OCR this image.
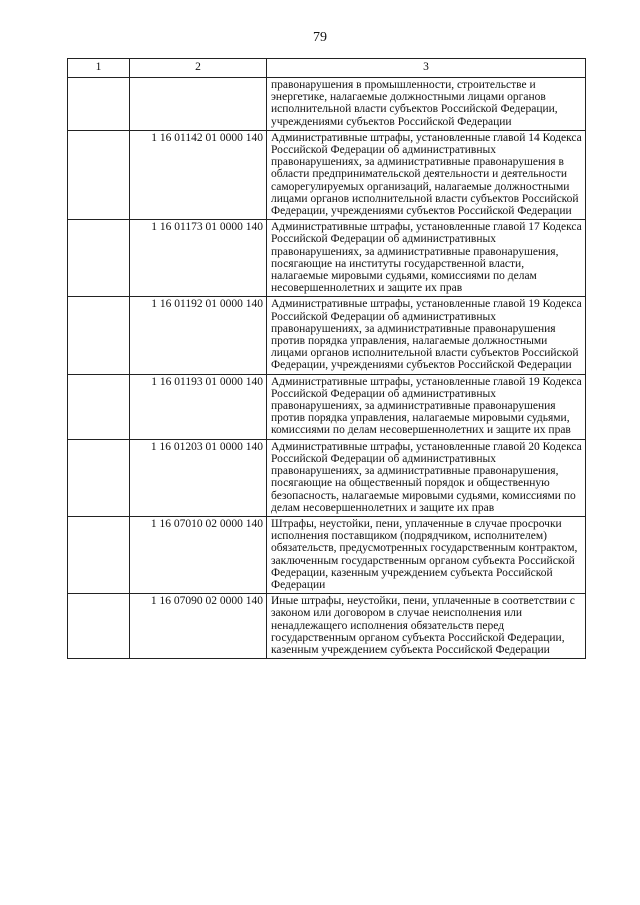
79
1	2	3
		правонарушения в промышленности, строительстве и энергетике, налагаемые должностными лицами органов исполнительной власти субъектов Российской Федерации, учреждениями субъектов Российской Федерации
	1 16 01142 01 0000 140	Административные штрафы, установленные главой 14 Кодекса Российской Федерации об административных правонарушениях, за административные правонарушения в области предпринимательской деятельности и деятельности саморегулируемых организаций, налагаемые должностными лицами органов исполнительной власти субъектов Российской Федерации, учреждениями субъектов Российской Федерации
	1 16 01173 01 0000 140	Административные штрафы, установленные главой 17 Кодекса Российской Федерации об административных правонарушениях, за административные правонарушения, посягающие на институты государственной власти, налагаемые мировыми судьями, комиссиями по делам несовершеннолетних и защите их прав
	1 16 01192 01 0000 140	Административные штрафы, установленные главой 19 Кодекса Российской Федерации об административных правонарушениях, за административные правонарушения против порядка управления, налагаемые должностными лицами органов исполнительной власти субъектов Российской Федерации, учреждениями субъектов Российской Федерации
	1 16 01193 01 0000 140	Административные штрафы, установленные главой 19 Кодекса Российской Федерации об административных правонарушениях, за административные правонарушения против порядка управления, налагаемые мировыми судьями, комиссиями по делам несовершеннолетних и защите их прав
	1 16 01203 01 0000 140	Административные штрафы, установленные главой 20 Кодекса Российской Федерации об административных правонарушениях, за административные правонарушения, посягающие на общественный порядок и общественную безопасность, налагаемые мировыми судьями, комиссиями по делам несовершеннолетних и защите их прав
	1 16 07010 02 0000 140	Штрафы, неустойки, пени, уплаченные в случае просрочки исполнения поставщиком (подрядчиком, исполнителем) обязательств, предусмотренных государственным контрактом, заключенным государственным органом субъекта Российской Федерации, казенным учреждением субъекта Российской Федерации
	1 16 07090 02 0000 140	Иные штрафы, неустойки, пени, уплаченные в соответствии с законом или договором в случае неисполнения или ненадлежащего исполнения обязательств перед государственным органом субъекта Российской Федерации, казенным учреждением субъекта Российской Федерации
